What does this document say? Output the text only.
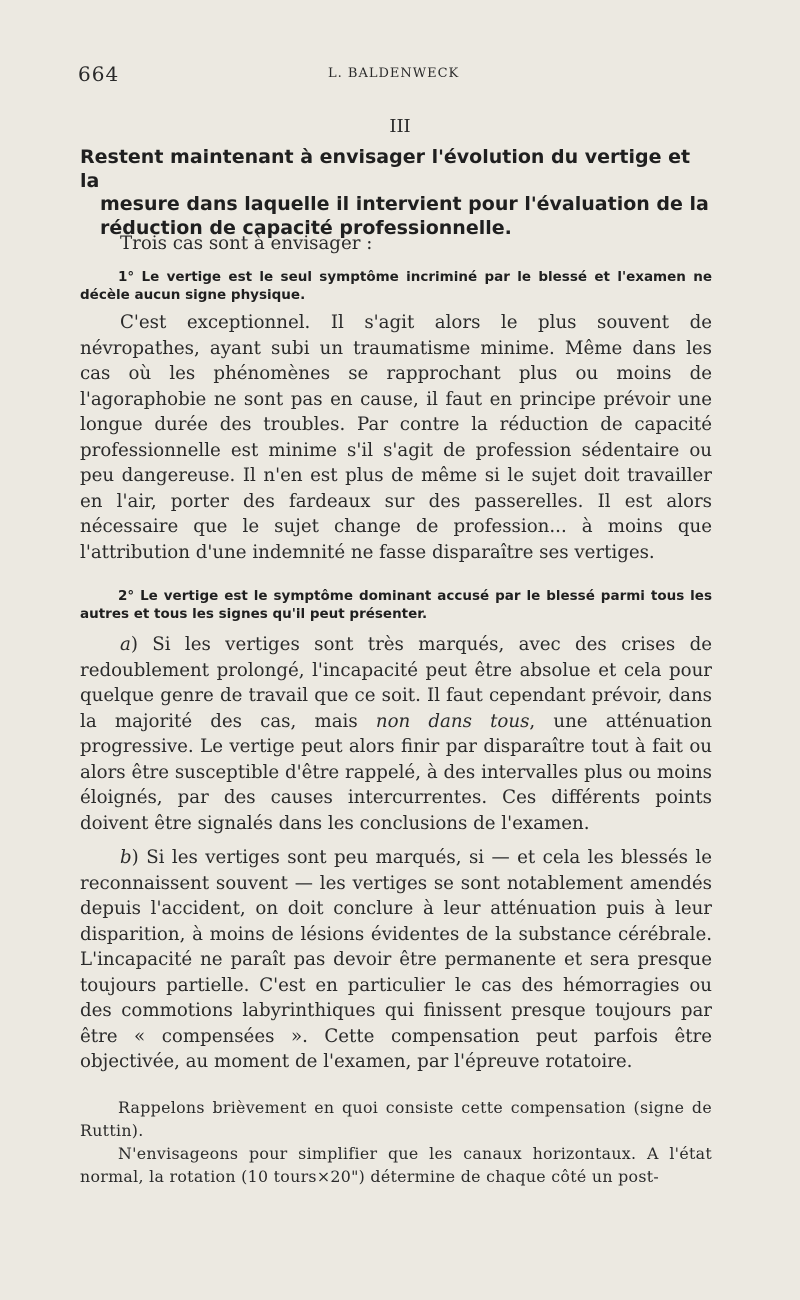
664	L. BALDENWECK
III
Restent maintenant à envisager l'évolution du vertige et la
mesure dans laquelle il intervient pour l'évaluation de la réduction de capacité professionnelle.

Trois cas sont à envisager :

1° Le vertige est le seul symptôme incriminé par le blessé et l'examen ne décèle aucun signe physique.

C'est exceptionnel. Il s'agit alors le plus souvent de névropathes, ayant subi un traumatisme minime. Même dans les cas où les phénomènes se rapprochant plus ou moins de l'agoraphobie ne sont pas en cause, il faut en principe prévoir une longue durée des troubles. Par contre la réduction de capacité professionnelle est minime s'il s'agit de profession sédentaire ou peu dangereuse. Il n'en est plus de même si le sujet doit travailler en l'air, porter des fardeaux sur des passerelles. Il est alors nécessaire que le sujet change de profession... à moins que l'attribution d'une indemnité ne fasse disparaître ses vertiges.

2° Le vertige est le symptôme dominant accusé par le blessé parmi tous les autres et tous les signes qu'il peut présenter.

a) Si les vertiges sont très marqués, avec des crises de redoublement prolongé, l'incapacité peut être absolue et cela pour quelque genre de travail que ce soit. Il faut cependant prévoir, dans la majorité des cas, mais non dans tous, une atténuation progressive. Le vertige peut alors finir par disparaître tout à fait ou alors être susceptible d'être rappelé, à des intervalles plus ou moins éloignés, par des causes intercurrentes. Ces différents points doivent être signalés dans les conclusions de l'examen.

b) Si les vertiges sont peu marqués, si — et cela les blessés le reconnaissent souvent — les vertiges se sont notablement amendés depuis l'accident, on doit conclure à leur atténuation puis à leur disparition, à moins de lésions évidentes de la substance cérébrale. L'incapacité ne paraît pas devoir être permanente et sera presque toujours partielle. C'est en particulier le cas des hémorragies ou des commotions labyrinthiques qui finissent presque toujours par être « compensées ». Cette compensation peut parfois être objectivée, au moment de l'examen, par l'épreuve rotatoire.

Rappelons brièvement en quoi consiste cette compensation (signe de Ruttin).

N'envisageons pour simplifier que les canaux horizontaux. A l'état normal, la rotation (10 tours×20") détermine de chaque côté un post-
